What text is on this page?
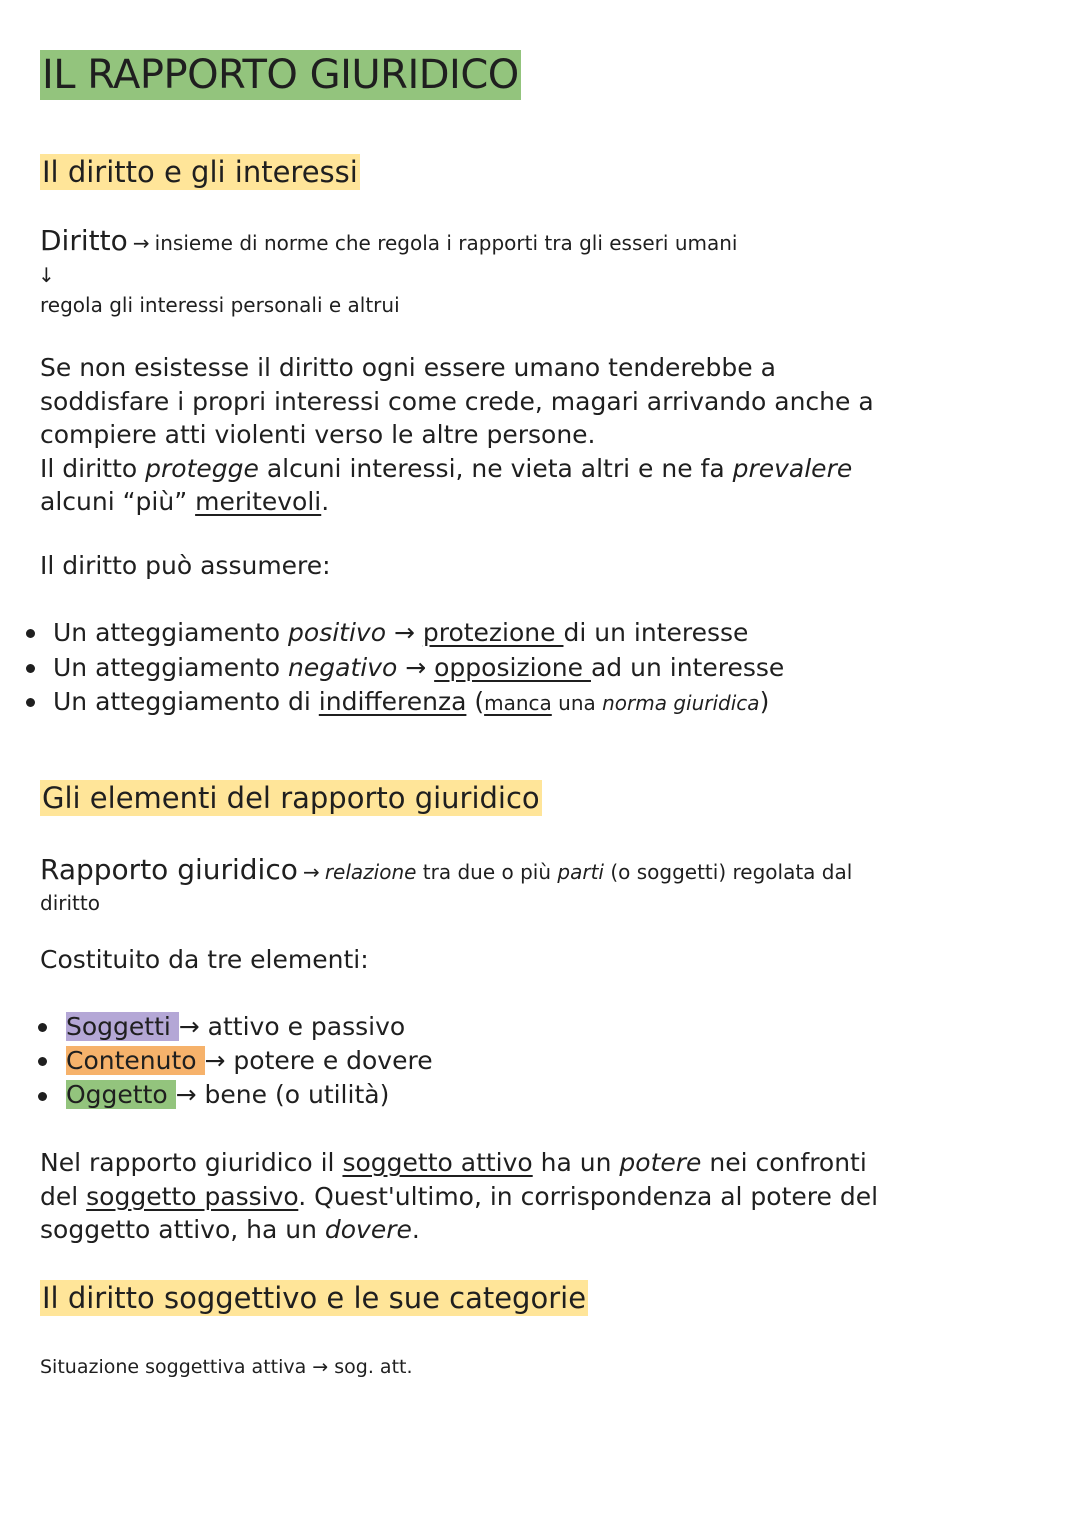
IL RAPPORTO GIURIDICO
Il diritto e gli interessi
Diritto → insieme di norme che regola i rapporti tra gli esseri umani
↓
regola gli interessi personali e altrui
Se non esistesse il diritto ogni essere umano tenderebbe a
soddisfare i propri interessi come crede, magari arrivando anche a
compiere atti violenti verso le altre persone.
Il diritto protegge alcuni interessi, ne vieta altri e ne fa prevalere
alcuni “più” meritevoli.
Il diritto può assumere:
Un atteggiamento positivo → protezione di un interesse
Un atteggiamento negativo → opposizione ad un interesse
Un atteggiamento di indifferenza (manca una norma giuridica)
Gli elementi del rapporto giuridico
Rapporto giuridico → relazione tra due o più parti (o soggetti) regolata dal
diritto
Costituito da tre elementi:
Soggetti → attivo e passivo
Contenuto → potere e dovere
Oggetto → bene (o utilità)
Nel rapporto giuridico il soggetto attivo ha un potere nei confronti
del soggetto passivo. Quest'ultimo, in corrispondenza al potere del
soggetto attivo, ha un dovere.
Il diritto soggettivo e le sue categorie
Situazione soggettiva attiva → sog. att.
